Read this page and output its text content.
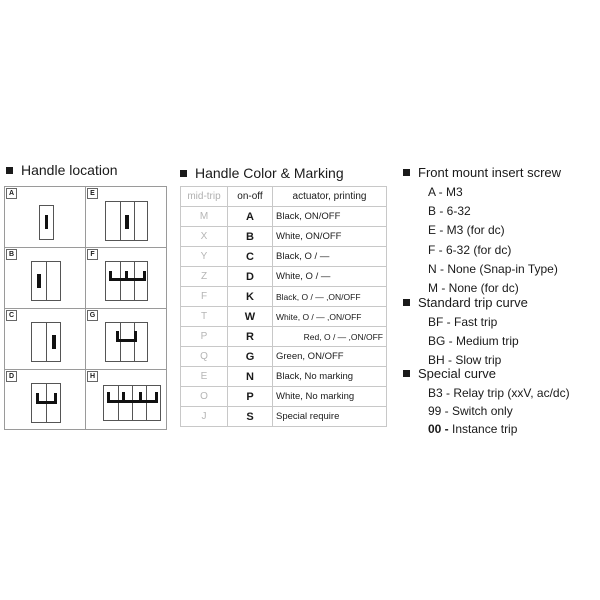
Handle location
A	E
B	F
C	G
D	H
Handle Color & Marking
mid-trip	on-off	actuator, printing
M	A	Black, ON/OFF
X	B	White, ON/OFF
Y	C	Black, O / —
Z	D	White, O / —
F	K	Black, O / — ,ON/OFF
T	W	White, O / — ,ON/OFF
P	R	Red, O / — ,ON/OFF
Q	G	Green, ON/OFF
E	N	Black, No marking
O	P	White, No marking
J	S	Special require
Front mount insert screw
A - M3
B - 6-32
E - M3 (for dc)
F - 6-32 (for dc)
N - None (Snap-in Type)
M - None (for dc)
Standard trip curve
BF - Fast trip
BG - Medium trip
BH - Slow trip
Special curve
B3 - Relay trip (xxV, ac/dc)
99 - Switch only
00 - Instance trip
